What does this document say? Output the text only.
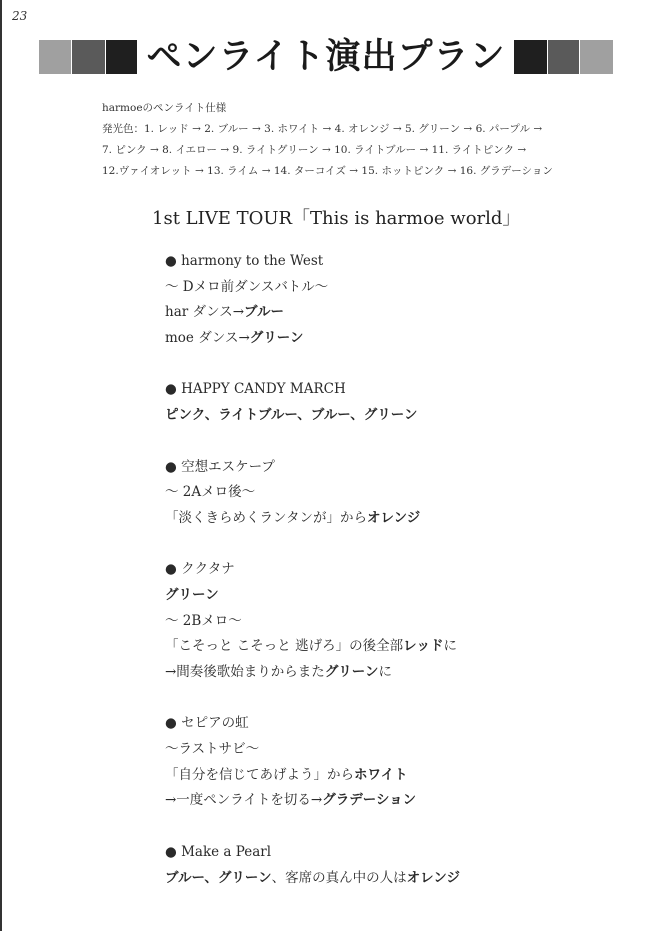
23
ペンライト演出プラン
harmoeのペンライト仕様
発光色：1. レッド → 2. ブルー → 3. ホワイト → 4. オレンジ → 5. グリーン → 6. パープル →
7. ピンク → 8. イエロー → 9. ライトグリーン → 10. ライトブルー → 11. ライトピンク →
12.ヴァイオレット → 13. ライム → 14. ターコイズ → 15. ホットピンク → 16. グラデーション
1st LIVE TOUR「This is harmoe world」
● harmony to the West
～ Dメロ前ダンスバトル～
har ダンス→ブルー
moe ダンス→グリーン
● HAPPY CANDY MARCH
ピンク、ライトブルー、ブルー、グリーン
● 空想エスケープ
～ 2Aメロ後～
「淡くきらめくランタンが」からオレンジ
● ククタナ
グリーン
～ 2Bメロ～
「こそっと こそっと 逃げろ」の後全部レッドに
→間奏後歌始まりからまたグリーンに
● セピアの虹
～ラストサビ～
「自分を信じてあげよう」からホワイト
→一度ペンライトを切る→グラデーション
● Make a Pearl
ブルー、グリーン、客席の真ん中の人はオレンジ
